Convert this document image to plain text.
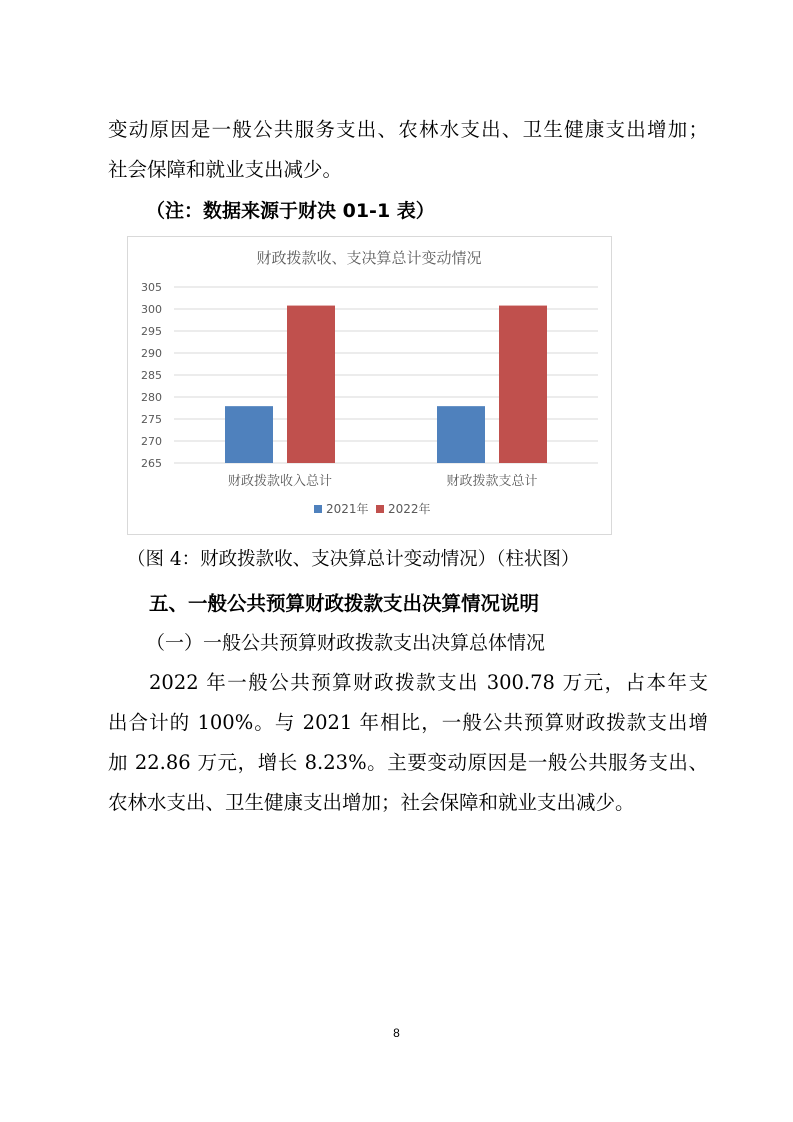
变动原因是一般公共服务支出、农林水支出、卫生健康支出增加；
社会保障和就业支出减少。
（注：数据来源于财决 01-1 表）
财政拨款收、支决算总计变动情况
265
270
275
280
285
290
295
300
305
财政拨款收入总计	财政拨款支总计
2021年 2022年
（图 4：财政拨款收、支决算总计变动情况）（柱状图）
五、一般公共预算财政拨款支出决算情况说明
（一）一般公共预算财政拨款支出决算总体情况
2022 年一般公共预算财政拨款支出 300.78 万元，占本年支
出合计的 100%。与 2021 年相比，一般公共预算财政拨款支出增
加 22.86 万元，增长 8.23%。主要变动原因是一般公共服务支出、
农林水支出、卫生健康支出增加；社会保障和就业支出减少。
8
